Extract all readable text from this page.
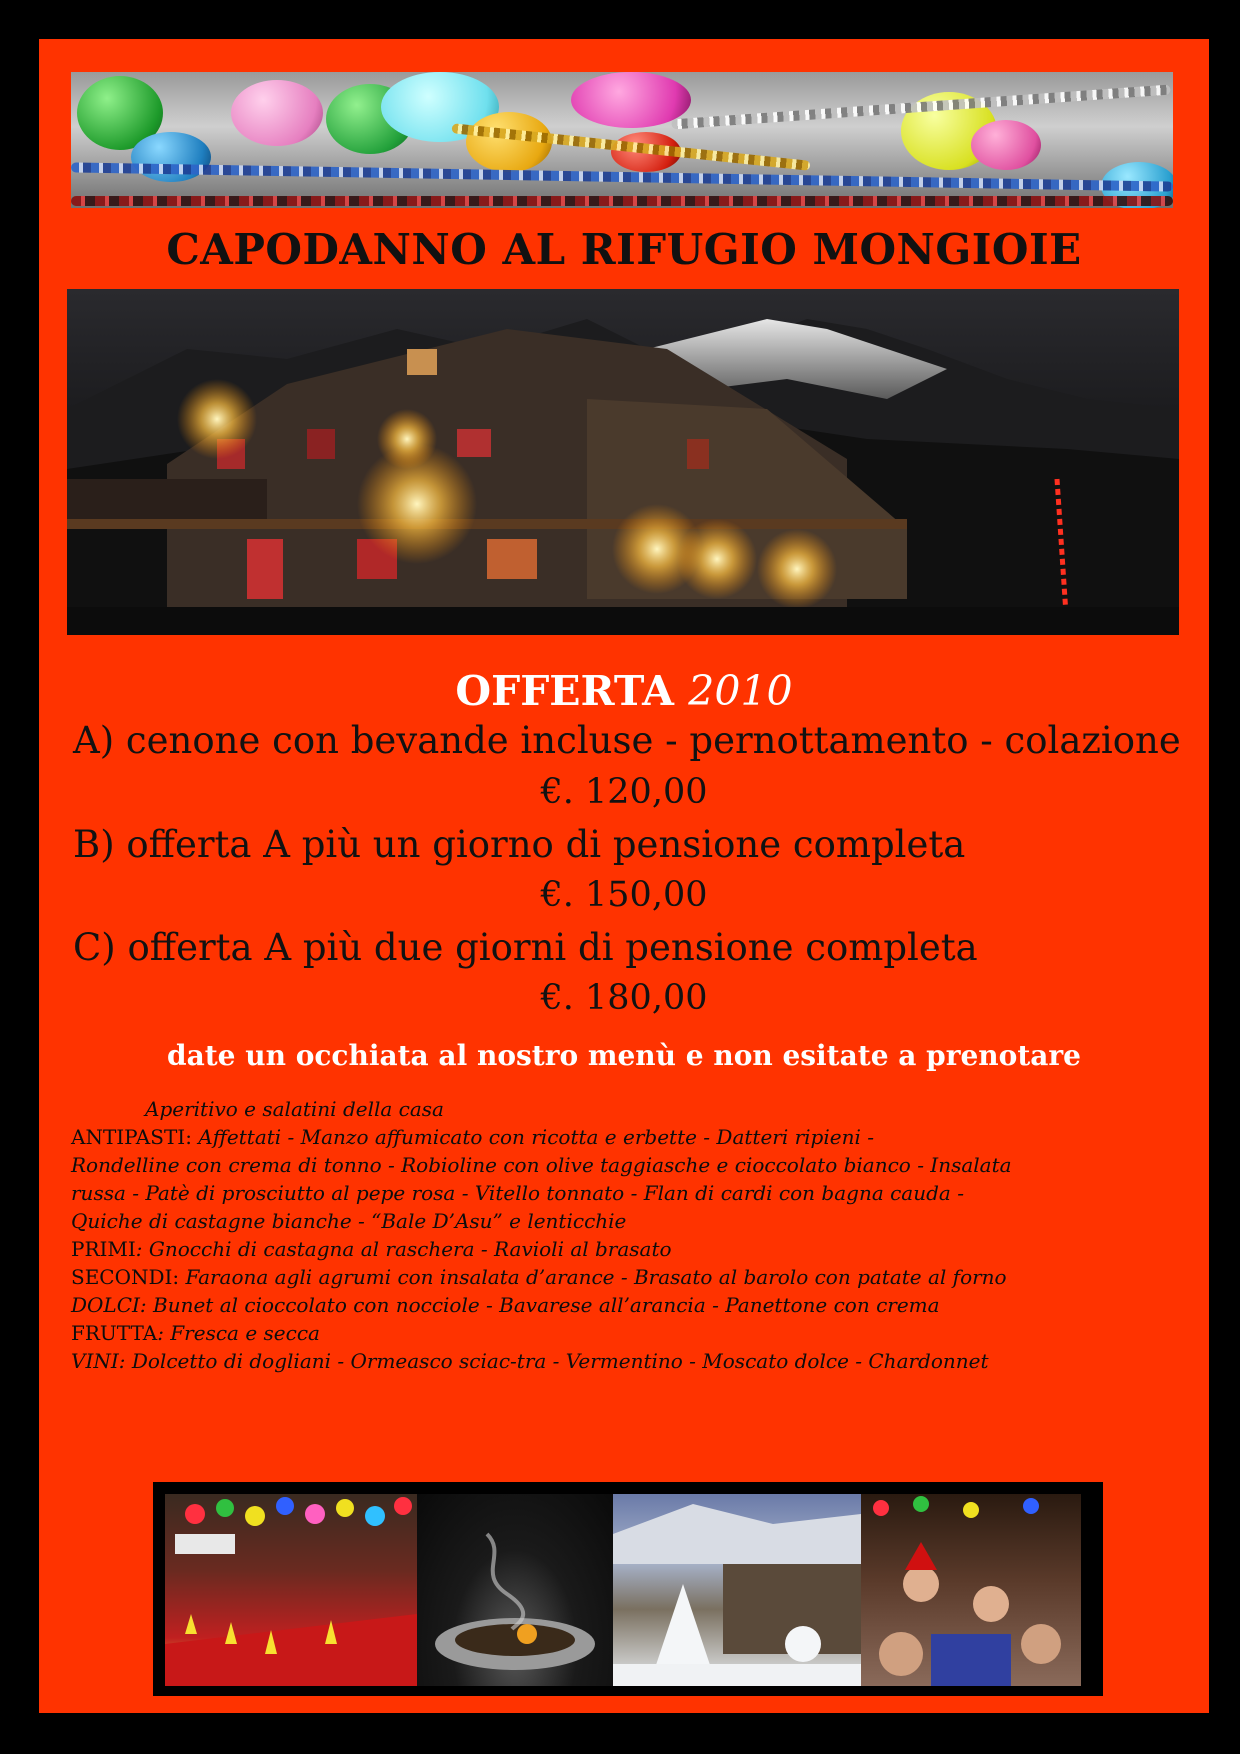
CAPODANNO AL RIFUGIO MONGIOIE
OFFERTA 2010
A) cenone con bevande incluse - pernottamento - colazione
€. 120,00
B) offerta A più un giorno di pensione completa
€. 150,00
C) offerta A più due giorni di pensione completa
€. 180,00
date un occhiata al nostro menù e non esitate a prenotare
Aperitivo e salatini della casa
ANTIPASTI: Affettati - Manzo affumicato con ricotta e erbette - Datteri ripieni -
Rondelline con crema di tonno - Robioline con olive taggiasche e cioccolato bianco - Insalata
russa - Patè di prosciutto al pepe rosa - Vitello tonnato - Flan di cardi con bagna cauda -
Quiche di castagne bianche - “Bale D’Asu” e lenticchie
PRIMI: Gnocchi di castagna al raschera - Ravioli al brasato
SECONDI: Faraona agli agrumi con insalata d’arance - Brasato al barolo con patate al forno
DOLCI: Bunet al cioccolato con nocciole - Bavarese all’arancia - Panettone con crema
FRUTTA: Fresca e secca
VINI: Dolcetto di dogliani - Ormeasco sciac-tra - Vermentino - Moscato dolce - Chardonnet
